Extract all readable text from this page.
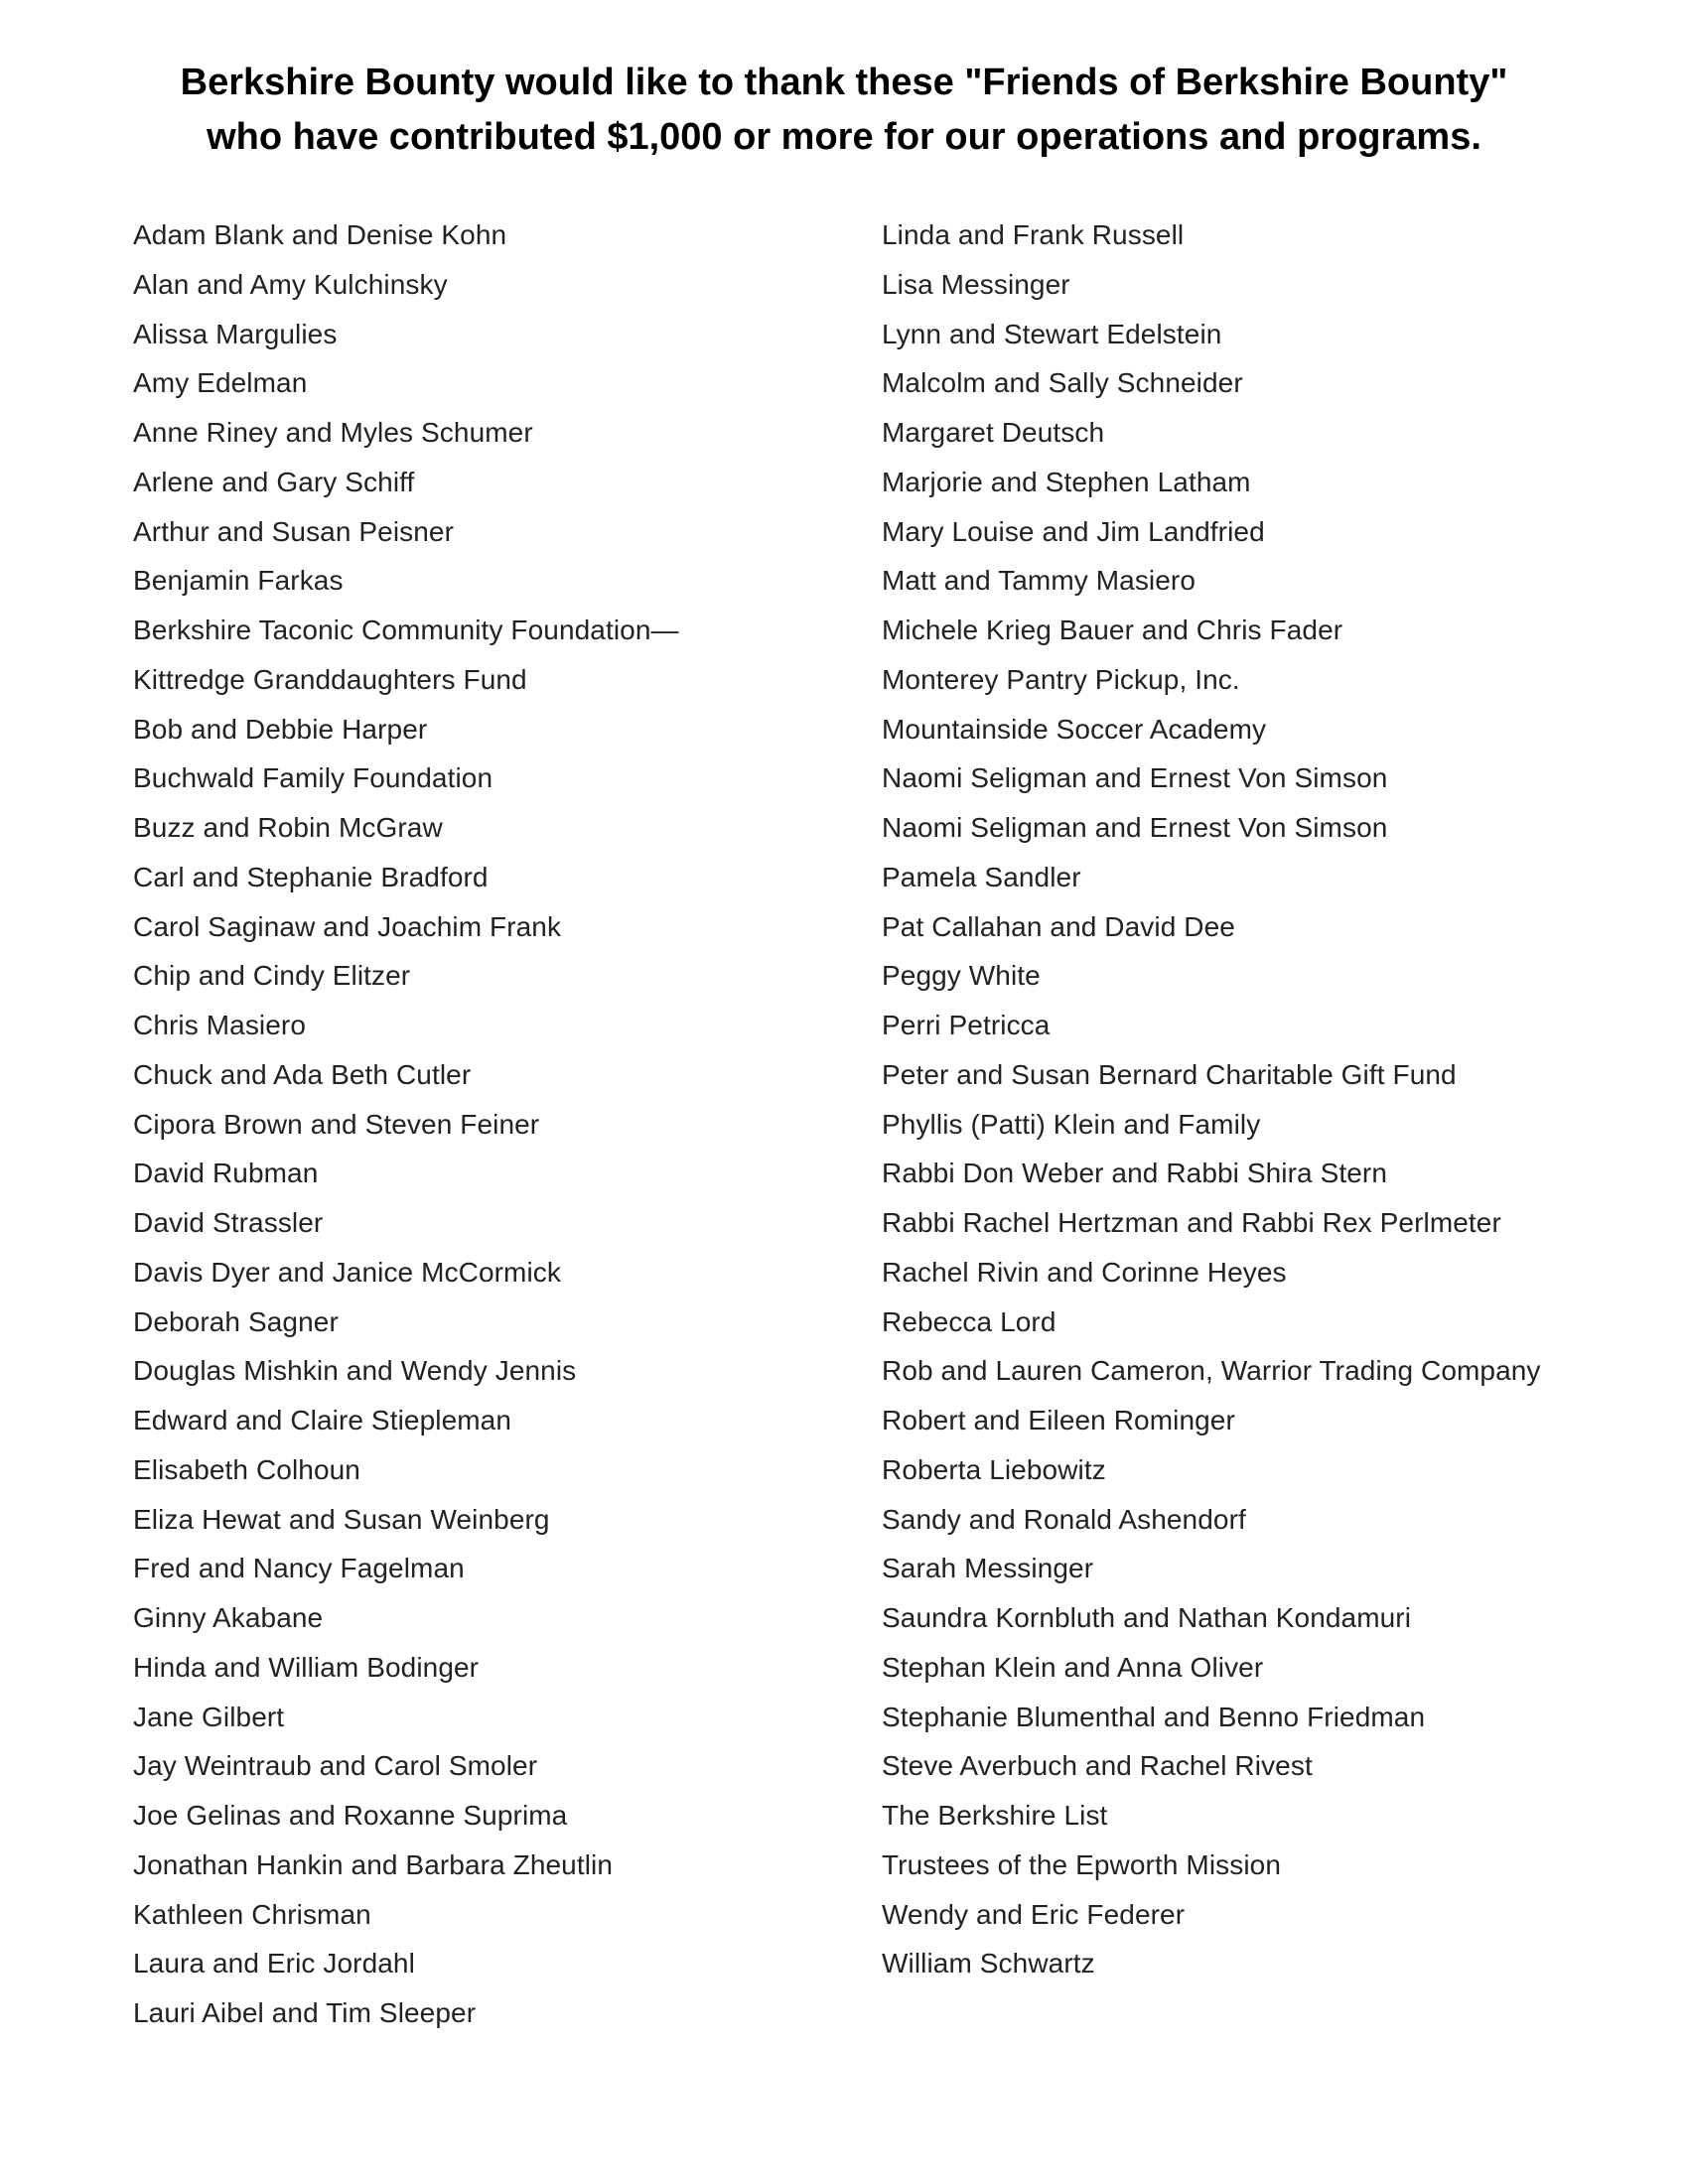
Berkshire Bounty would like to thank these "Friends of Berkshire Bounty"

who have contributed $1,000 or more for our operations and programs.

Adam Blank and Denise Kohn
Alan and Amy Kulchinsky
Alissa Margulies
Amy Edelman
Anne Riney and Myles Schumer
Arlene and Gary Schiff
Arthur and Susan Peisner
Benjamin Farkas
Berkshire Taconic Community Foundation—
Kittredge Granddaughters Fund
Bob and Debbie Harper
Buchwald Family Foundation
Buzz and Robin McGraw
Carl and Stephanie Bradford
Carol Saginaw and Joachim Frank
Chip and Cindy Elitzer
Chris Masiero
Chuck and Ada Beth Cutler
Cipora Brown and Steven Feiner
David Rubman
David Strassler
Davis Dyer and Janice McCormick
Deborah Sagner
Douglas Mishkin and Wendy Jennis
Edward and Claire Stiepleman
Elisabeth Colhoun
Eliza Hewat and Susan Weinberg
Fred and Nancy Fagelman
Ginny Akabane
Hinda and William Bodinger
Jane Gilbert
Jay Weintraub and Carol Smoler
Joe Gelinas and Roxanne Suprima
Jonathan Hankin and Barbara Zheutlin
Kathleen Chrisman
Laura and Eric Jordahl
Lauri Aibel and Tim Sleeper
Linda and Frank Russell
Lisa Messinger
Lynn and Stewart Edelstein
Malcolm and Sally Schneider
Margaret Deutsch
Marjorie and Stephen Latham
Mary Louise and Jim Landfried
Matt and Tammy Masiero
Michele Krieg Bauer and Chris Fader
Monterey Pantry Pickup, Inc.
Mountainside Soccer Academy
Naomi Seligman and Ernest Von Simson
Naomi Seligman and Ernest Von Simson
Pamela Sandler
Pat Callahan and David Dee
Peggy White
Perri Petricca
Peter and Susan Bernard Charitable Gift Fund
Phyllis (Patti) Klein and Family
Rabbi Don Weber and Rabbi Shira Stern
Rabbi Rachel Hertzman and Rabbi Rex Perlmeter
Rachel Rivin and Corinne Heyes
Rebecca Lord
Rob and Lauren Cameron, Warrior Trading Company
Robert and Eileen Rominger
Roberta Liebowitz
Sandy and Ronald Ashendorf
Sarah Messinger
Saundra Kornbluth and Nathan Kondamuri
Stephan Klein and Anna Oliver
Stephanie Blumenthal and Benno Friedman
Steve Averbuch and Rachel Rivest
The Berkshire List
Trustees of the Epworth Mission
Wendy and Eric Federer
William Schwartz
